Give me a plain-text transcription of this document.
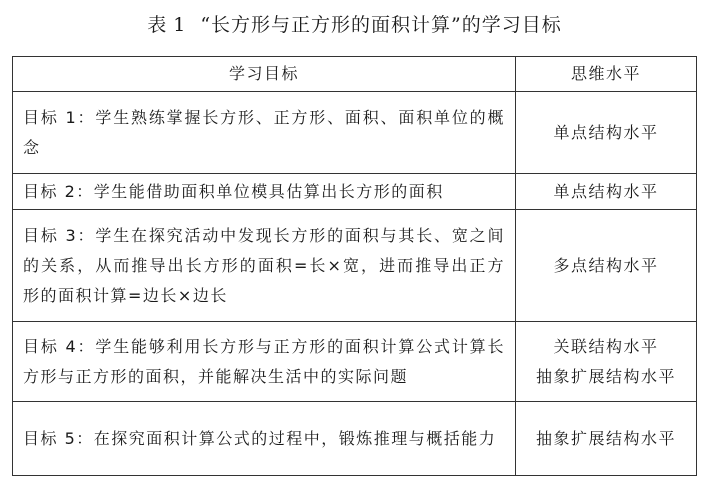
表 1 “长方形与正方形的面积计算”的学习目标
学习目标	思维水平
目标 1：学生熟练掌握长方形、正方形、面积、面积单位的概念	单点结构水平

目标 2：学生能借助面积单位模具估算出长方形的面积	单点结构水平

目标 3：学生在探究活动中发现长方形的面积与其长、宽之间的关系，从而推导出长方形的面积=长×宽，进而推导出正方形的面积计算=边长×边长	多点结构水平

目标 4：学生能够利用长方形与正方形的面积计算公式计算长方形与正方形的面积，并能解决生活中的实际问题	关联结构水平
抽象扩展结构水平

目标 5：在探究面积计算公式的过程中，锻炼推理与概括能力	抽象扩展结构水平
